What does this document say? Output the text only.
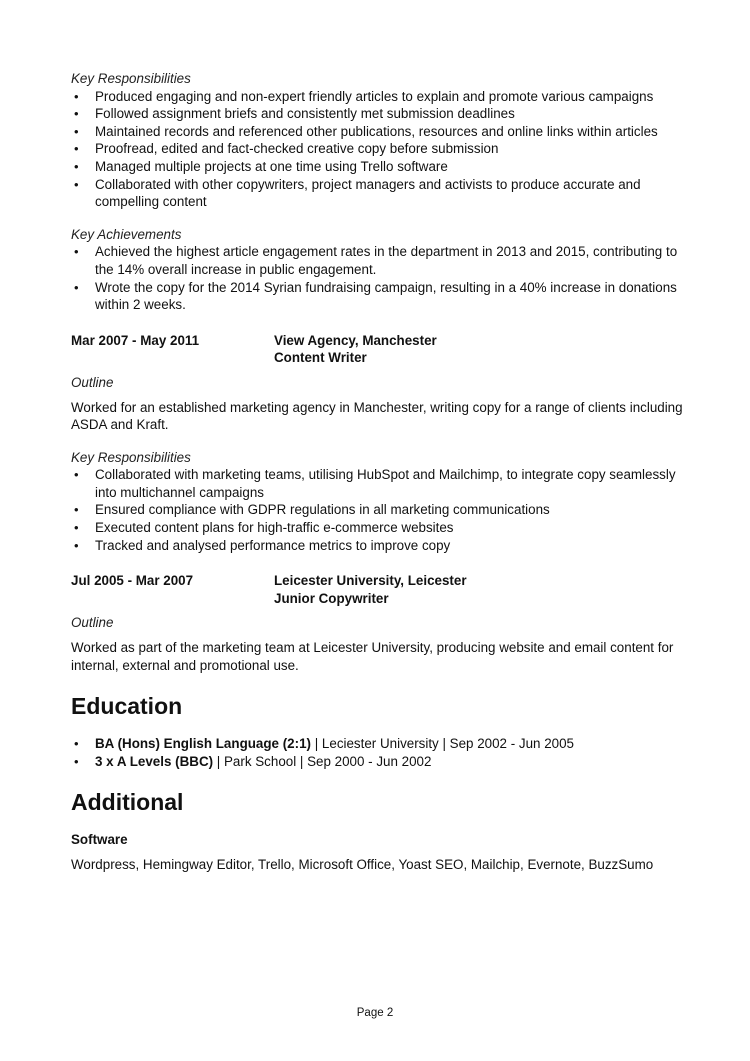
Key Responsibilities

• Produced engaging and non-expert friendly articles to explain and promote various campaigns
• Followed assignment briefs and consistently met submission deadlines
• Maintained records and referenced other publications, resources and online links within articles
• Proofread, edited and fact-checked creative copy before submission
• Managed multiple projects at one time using Trello software
• Collaborated with other copywriters, project managers and activists to produce accurate and compelling content

Key Achievements

• Achieved the highest article engagement rates in the department in 2013 and 2015, contributing to the 14% overall increase in public engagement.
• Wrote the copy for the 2014 Syrian fundraising campaign, resulting in a 40% increase in donations within 2 weeks.
Mar 2007 - May 2011	View Agency, Manchester
Content Writer

Outline

Worked for an established marketing agency in Manchester, writing copy for a range of clients including ASDA and Kraft.

Key Responsibilities

• Collaborated with marketing teams, utilising HubSpot and Mailchimp, to integrate copy seamlessly into multichannel campaigns
• Ensured compliance with GDPR regulations in all marketing communications
• Executed content plans for high-traffic e-commerce websites
• Tracked and analysed performance metrics to improve copy
Jul 2005 - Mar 2007	Leicester University, Leicester
Junior Copywriter

Outline

Worked as part of the marketing team at Leicester University, producing website and email content for internal, external and promotional use.

Education
• BA (Hons) English Language (2:1) | Leciester University | Sep 2002 - Jun 2005
• 3 x A Levels (BBC) | Park School | Sep 2000 - Jun 2002
Additional

Software

Wordpress, Hemingway Editor, Trello, Microsoft Office, Yoast SEO, Mailchip, Evernote, BuzzSumo

Page 2
